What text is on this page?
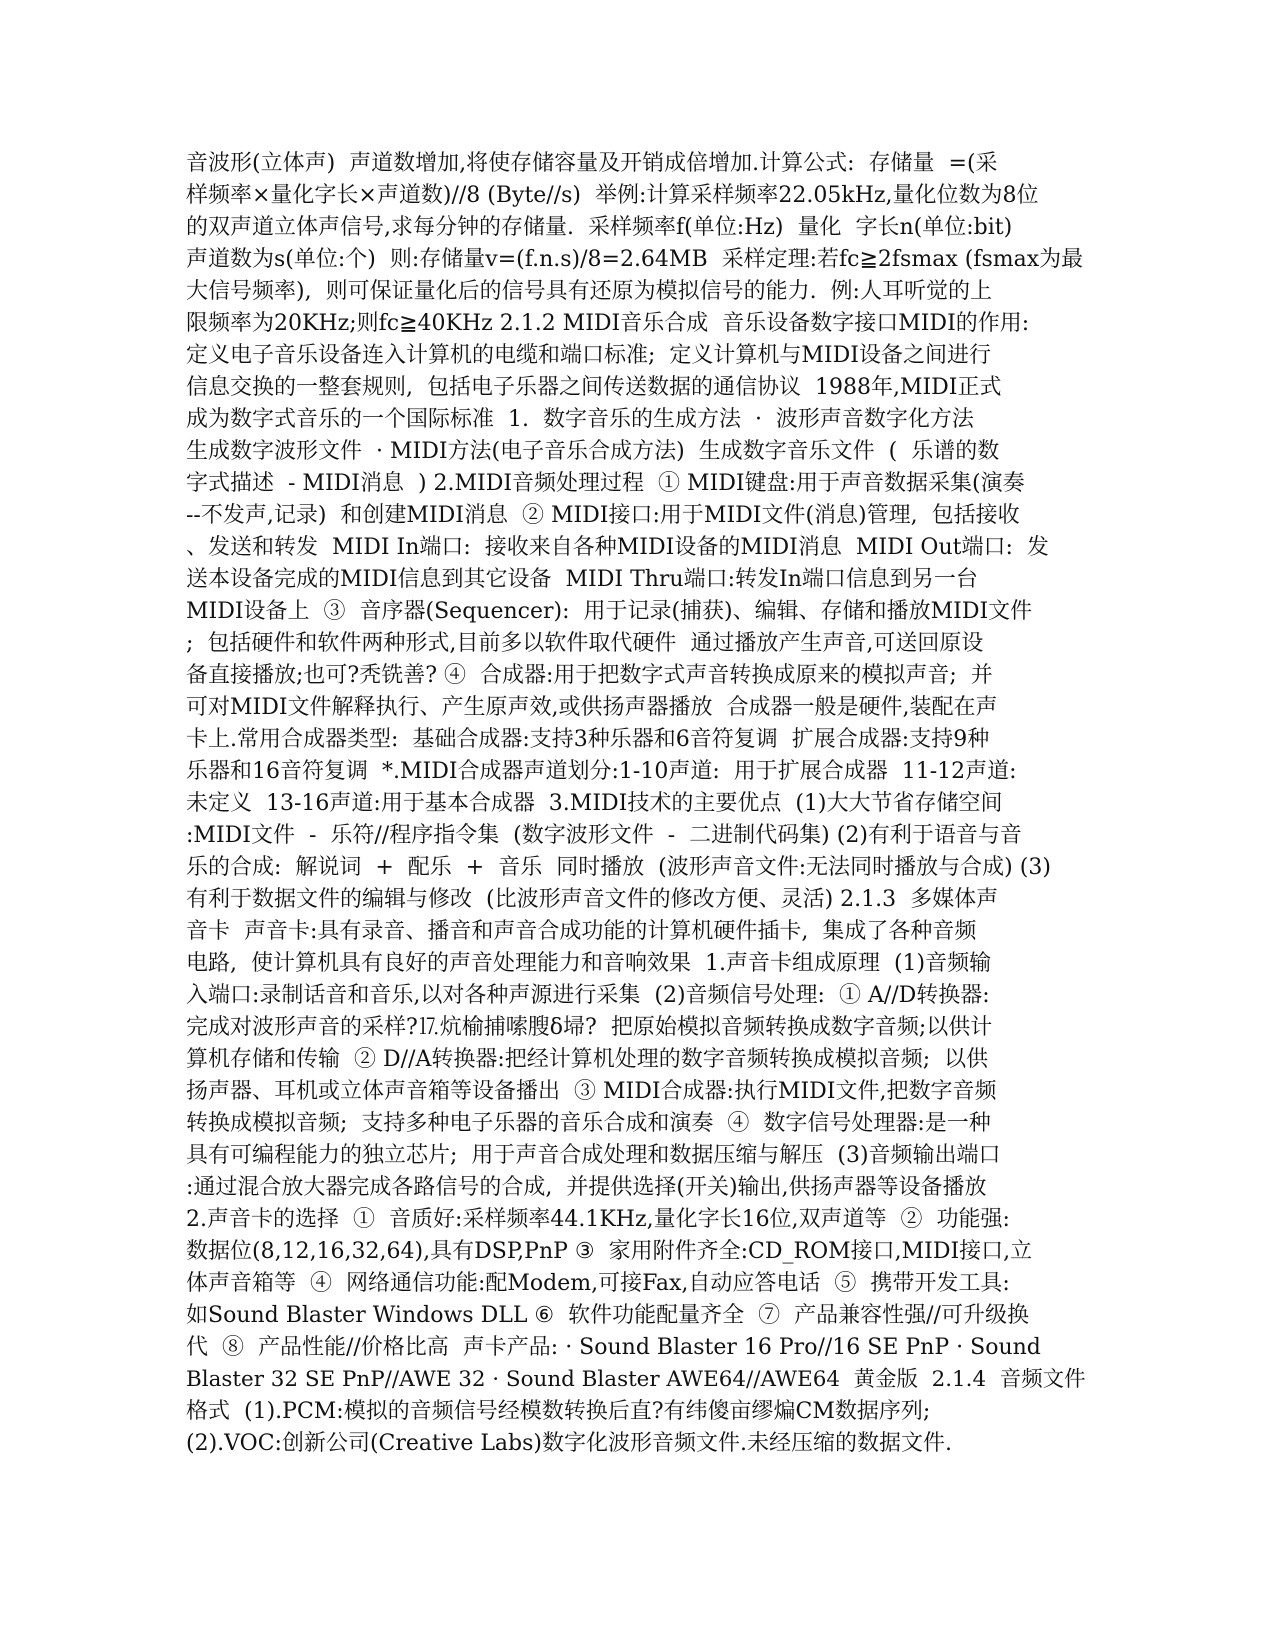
音波形(立体声)  声道数增加,将使存储容量及开销成倍增加.计算公式:  存储量  =(采
样频率×量化字长×声道数)//8 (Byte//s)  举例:计算采样频率22.05kHz,量化位数为8位
的双声道立体声信号,求每分钟的存储量.  采样频率f(单位:Hz)  量化  字长n(单位:bit)
声道数为s(单位:个)  则:存储量v=(f.n.s)/8=2.64MB  采样定理:若fc≧2fsmax (fsmax为最
大信号频率),  则可保证量化后的信号具有还原为模拟信号的能力.  例:人耳听觉的上
限频率为20KHz;则fc≧40KHz 2.1.2 MIDI音乐合成  音乐设备数字接口MIDI的作用:
定义电子音乐设备连入计算机的电缆和端口标准;  定义计算机与MIDI设备之间进行
信息交换的一整套规则,  包括电子乐器之间传送数据的通信协议  1988年,MIDI正式
成为数字式音乐的一个国际标准  1.  数字音乐的生成方法  ·  波形声音数字化方法
生成数字波形文件  · MIDI方法(电子音乐合成方法)  生成数字音乐文件  (  乐谱的数
字式描述  - MIDI消息  ) 2.MIDI音频处理过程  ① MIDI键盘:用于声音数据采集(演奏
--不发声,记录)  和创建MIDI消息  ② MIDI接口:用于MIDI文件(消息)管理,  包括接收
、发送和转发  MIDI In端口:  接收来自各种MIDI设备的MIDI消息  MIDI Out端口:  发
送本设备完成的MIDI信息到其它设备  MIDI Thru端口:转发In端口信息到另一台
MIDI设备上  ③  音序器(Sequencer):  用于记录(捕获)、编辑、存储和播放MIDI文件
;  包括硬件和软件两种形式,目前多以软件取代硬件  通过播放产生声音,可送回原设
备直接播放;也可?秃铣善? ④  合成器:用于把数字式声音转换成原来的模拟声音;  并
可对MIDI文件解释执行、产生原声效,或供扬声器播放  合成器一般是硬件,装配在声
卡上.常用合成器类型:  基础合成器:支持3种乐器和6音符复调  扩展合成器:支持9种
乐器和16音符复调  *.MIDI合成器声道划分:1-10声道:  用于扩展合成器  11-12声道:
未定义  13-16声道:用于基本合成器  3.MIDI技术的主要优点  (1)大大节省存储空间
:MIDI文件  -  乐符//程序指令集  (数字波形文件  -  二进制代码集) (2)有利于语音与音
乐的合成:  解说词  +  配乐  +  音乐  同时播放  (波形声音文件:无法同时播放与合成) (3)
有利于数据文件的编辑与修改  (比波形声音文件的修改方便、灵活) 2.1.3  多媒体声
音卡  声音卡:具有录音、播音和声音合成功能的计算机硬件插卡,  集成了各种音频
电路,  使计算机具有良好的声音处理能力和音响效果  1.声音卡组成原理  (1)音频输
入端口:录制话音和音乐,以对各种声源进行采集  (2)音频信号处理:  ① A//D转换器:
完成对波形声音的采样?⒘炕榆捕嗦膄δ埽?  把原始模拟音频转换成数字音频;以供计
算机存储和传输  ② D//A转换器:把经计算机处理的数字音频转换成模拟音频;  以供
扬声器、耳机或立体声音箱等设备播出  ③ MIDI合成器:执行MIDI文件,把数字音频
转换成模拟音频;  支持多种电子乐器的音乐合成和演奏  ④  数字信号处理器:是一种
具有可编程能力的独立芯片;  用于声音合成处理和数据压缩与解压  (3)音频输出端口
:通过混合放大器完成各路信号的合成,  并提供选择(开关)输出,供扬声器等设备播放
2.声音卡的选择  ①  音质好:采样频率44.1KHz,量化字长16位,双声道等  ②  功能强:
数据位(8,12,16,32,64),具有DSP,PnP ③  家用附件齐全:CD_ROM接口,MIDI接口,立
体声音箱等  ④  网络通信功能:配Modem,可接Fax,自动应答电话  ⑤  携带开发工具:
如Sound Blaster Windows DLL ⑥  软件功能配量齐全  ⑦  产品兼容性强//可升级换
代  ⑧  产品性能//价格比高  声卡产品: · Sound Blaster 16 Pro//16 SE PnP · Sound
Blaster 32 SE PnP//AWE 32 · Sound Blaster AWE64//AWE64  黄金版  2.1.4  音频文件
格式  (1).PCM:模拟的音频信号经模数转换后直?有纬傻亩缪煸CM数据序列;
(2).VOC:创新公司(Creative Labs)数字化波形音频文件.未经压缩的数据文件.
